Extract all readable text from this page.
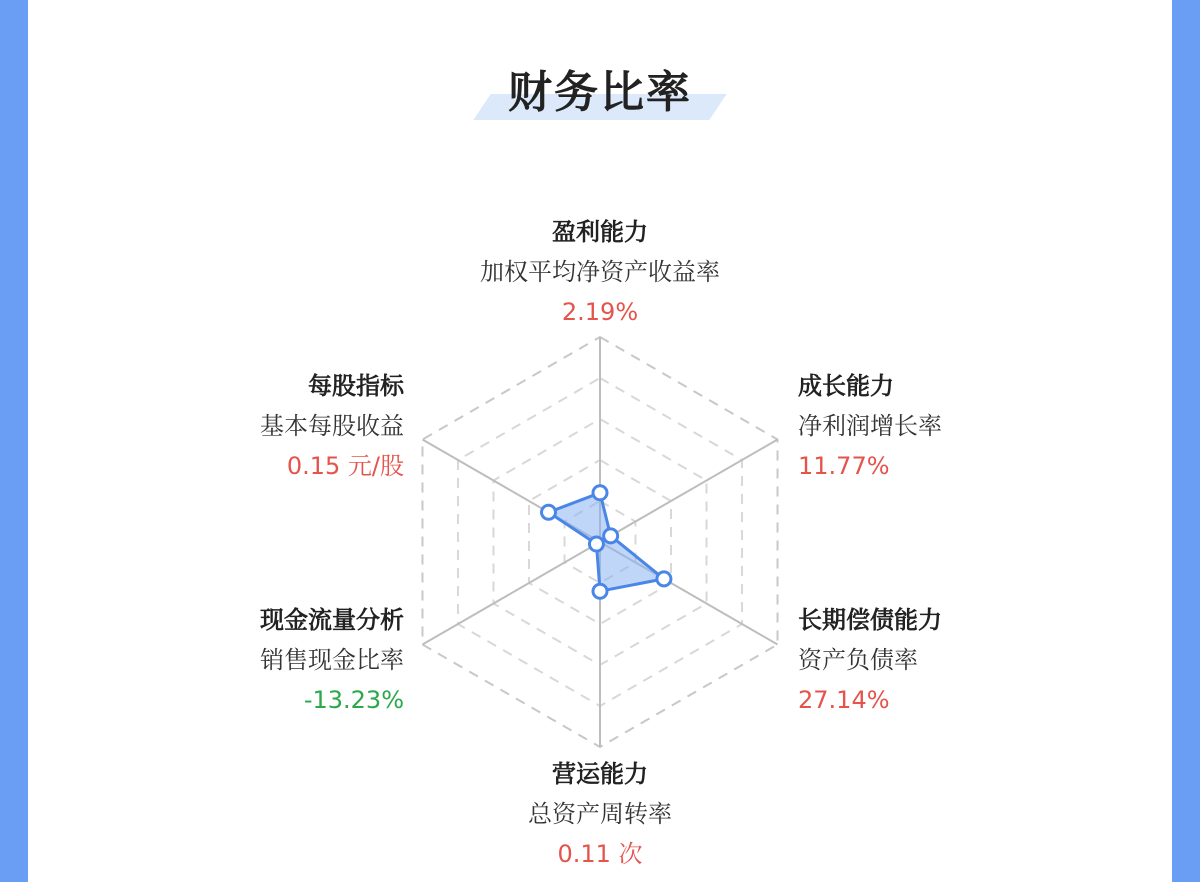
财务比率
盈利能力
加权平均净资产收益率
2.19%
成长能力
净利润增长率
11.77%
长期偿债能力
资产负债率
27.14%
营运能力
总资产周转率
0.11 次
现金流量分析
销售现金比率
-13.23%
每股指标
基本每股收益
0.15 元/股
